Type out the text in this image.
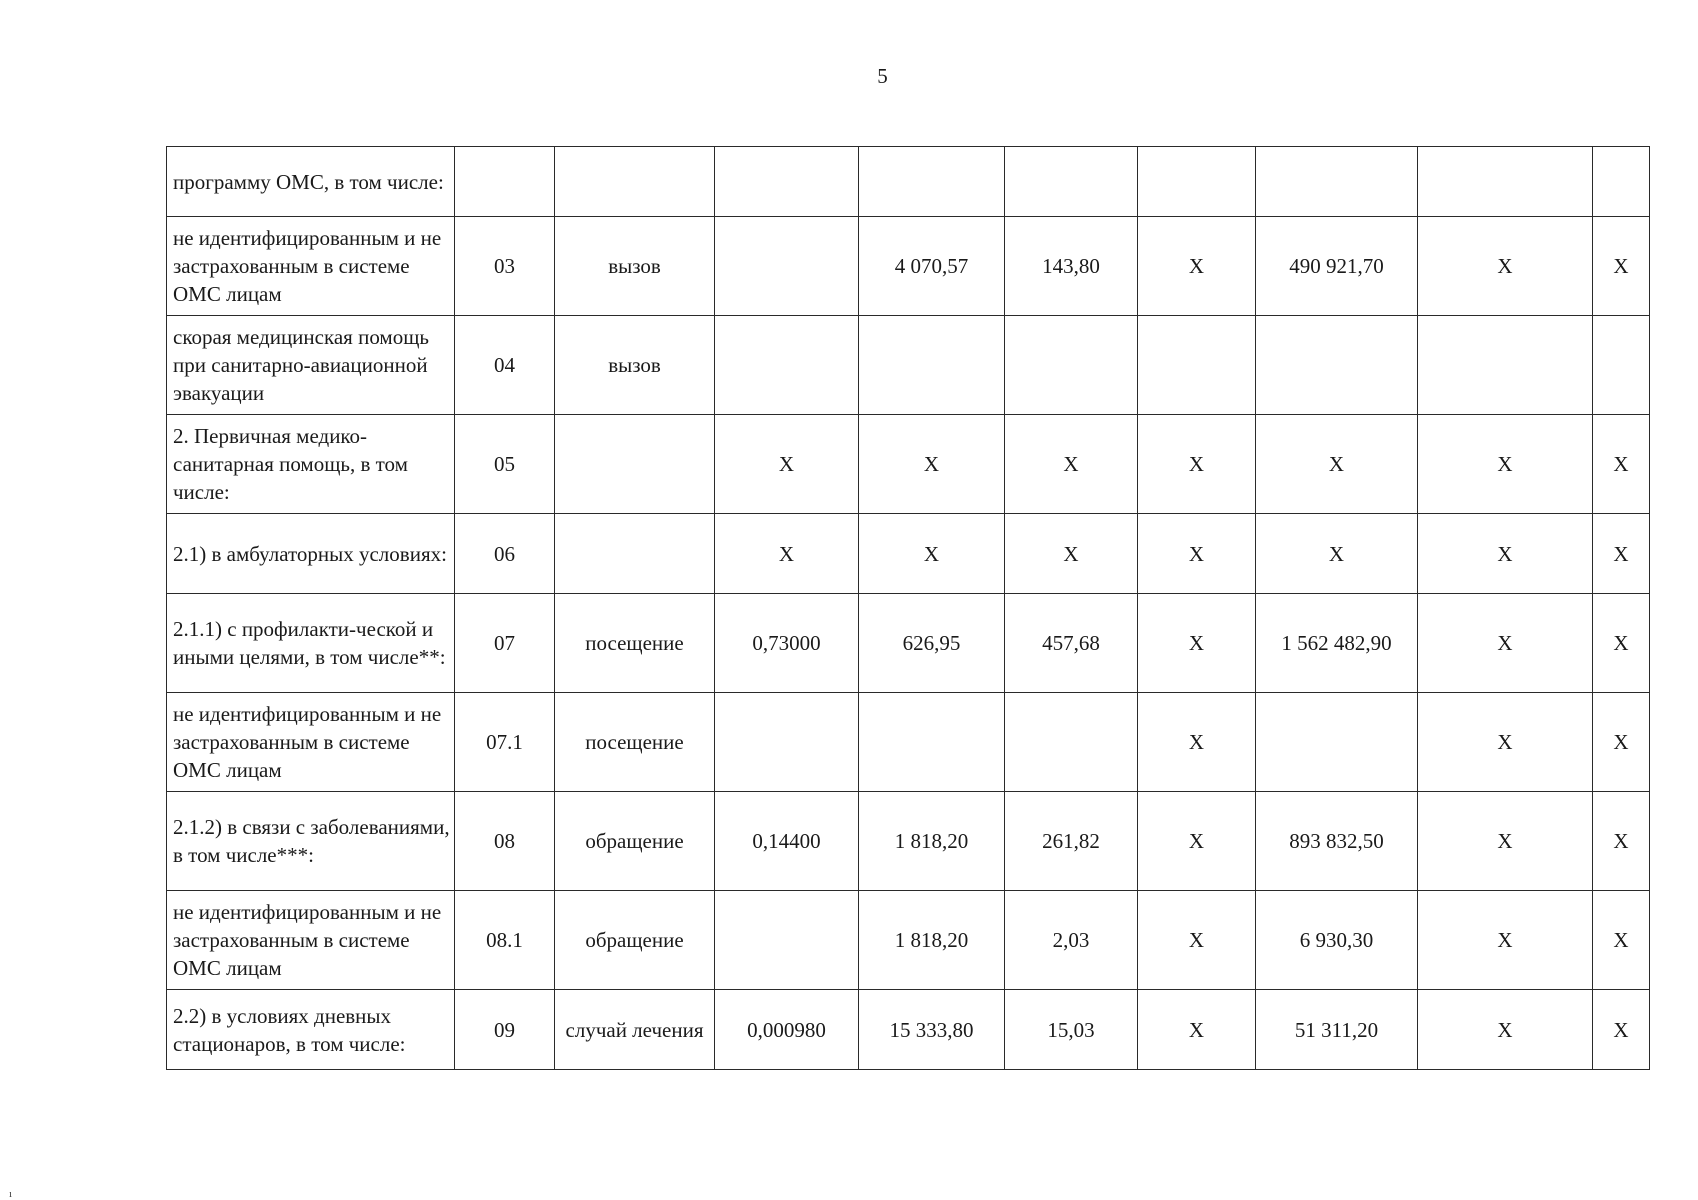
5
программу ОМС, в том числе:									
не идентифицированным и не застрахованным в системе ОМС лицам	03	вызов		4 070,57	143,80	X	490 921,70	X	X
скорая медицинская помощь при санитарно-авиационной эвакуации	04	вызов							
2. Первичная медико-санитарная помощь, в том числе:	05		X	X	X	X	X	X	X
2.1) в амбулаторных условиях:	06		X	X	X	X	X	X	X
2.1.1) с профилакти-ческой и иными целями, в том числе**:	07	посещение	0,73000	626,95	457,68	X	1 562 482,90	X	X
не идентифицированным и не застрахованным в системе ОМС лицам	07.1	посещение				X		X	X
2.1.2) в связи с заболеваниями, в том числе***:	08	обращение	0,14400	1 818,20	261,82	X	893 832,50	X	X
не идентифицированным и не застрахованным в системе ОМС лицам	08.1	обращение		1 818,20	2,03	X	6 930,30	X	X
2.2) в условиях дневных стационаров, в том числе:	09	случай лечения	0,000980	15 333,80	15,03	X	51 311,20	X	X
ı
